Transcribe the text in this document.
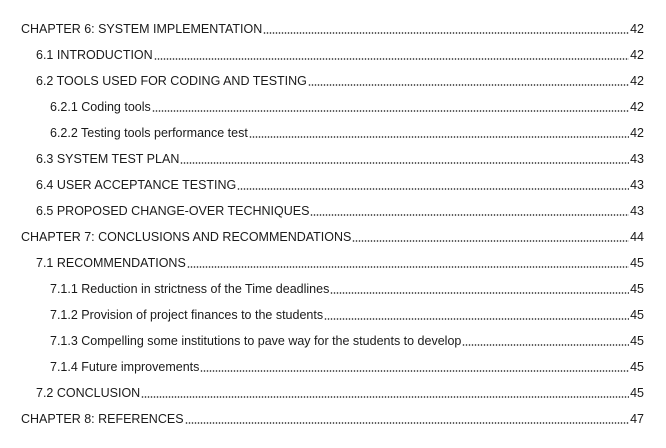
CHAPTER 6: SYSTEM IMPLEMENTATION	42
6.1 INTRODUCTION	42
6.2 TOOLS USED FOR CODING AND TESTING	42
6.2.1 Coding tools	42
6.2.2 Testing tools performance test	42
6.3 SYSTEM TEST PLAN	43
6.4 USER ACCEPTANCE TESTING	43
6.5 PROPOSED CHANGE-OVER TECHNIQUES	43
CHAPTER 7: CONCLUSIONS AND RECOMMENDATIONS	44
7.1 RECOMMENDATIONS	45
7.1.1 Reduction in strictness of the Time deadlines	45
7.1.2 Provision of project finances to the students	45
7.1.3 Compelling some institutions to pave way for the students to develop	45
7.1.4 Future improvements	45
7.2 CONCLUSION	45
CHAPTER 8: REFERENCES	47
